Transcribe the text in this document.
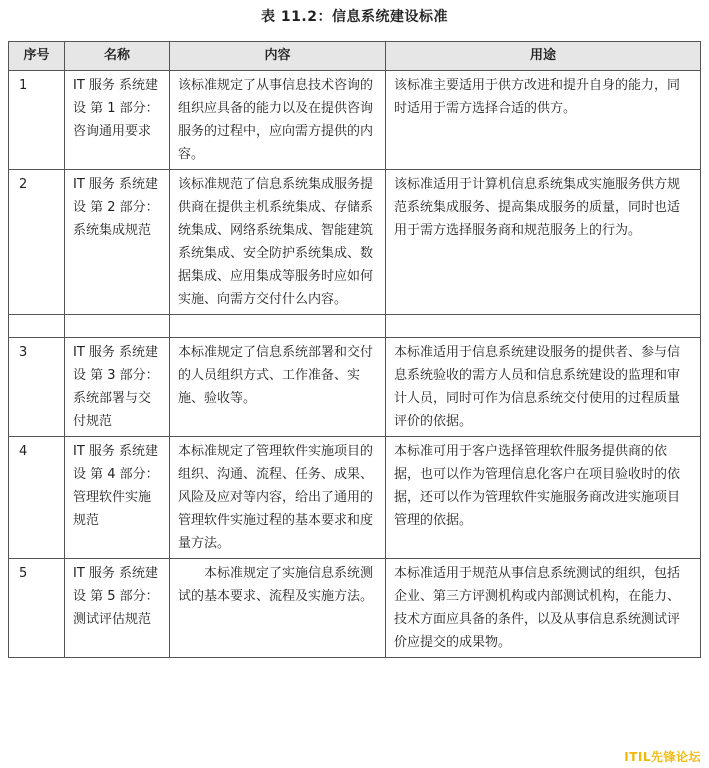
表 11.2：信息系统建设标准
序号	名称	内容	用途
1	IT 服务 系统建设 第 1 部分：咨询通用要求	该标准规定了从事信息技术咨询的组织应具备的能力以及在提供咨询服务的过程中，应向需方提供的内容。	该标准主要适用于供方改进和提升自身的能力，同时适用于需方选择合适的供方。
2	IT 服务 系统建设 第 2 部分：系统集成规范	该标准规范了信息系统集成服务提供商在提供主机系统集成、存储系统集成、网络系统集成、智能建筑系统集成、安全防护系统集成、数据集成、应用集成等服务时应如何实施、向需方交付什么内容。	该标准适用于计算机信息系统集成实施服务供方规范系统集成服务、提高集成服务的质量，同时也适用于需方选择服务商和规范服务上的行为。

3	IT 服务 系统建设 第 3 部分：系统部署与交付规范	本标准规定了信息系统部署和交付的人员组织方式、工作准备、实施、验收等。	本标准适用于信息系统建设服务的提供者、参与信息系统验收的需方人员和信息系统建设的监理和审计人员，同时可作为信息系统交付使用的过程质量评价的依据。
4	IT 服务 系统建设 第 4 部分：管理软件实施规范	本标准规定了管理软件实施项目的组织、沟通、流程、任务、成果、风险及应对等内容，给出了通用的管理软件实施过程的基本要求和度量方法。	本标准可用于客户选择管理软件服务提供商的依据，也可以作为管理信息化客户在项目验收时的依据，还可以作为管理软件实施服务商改进实施项目管理的依据。
5	IT 服务 系统建设 第 5 部分：测试评估规范	本标准规定了实施信息系统测试的基本要求、流程及实施方法。	本标准适用于规范从事信息系统测试的组织，包括企业、第三方评测机构或内部测试机构，在能力、技术方面应具备的条件，以及从事信息系统测试评价应提交的成果物。
ITIL先锋论坛
